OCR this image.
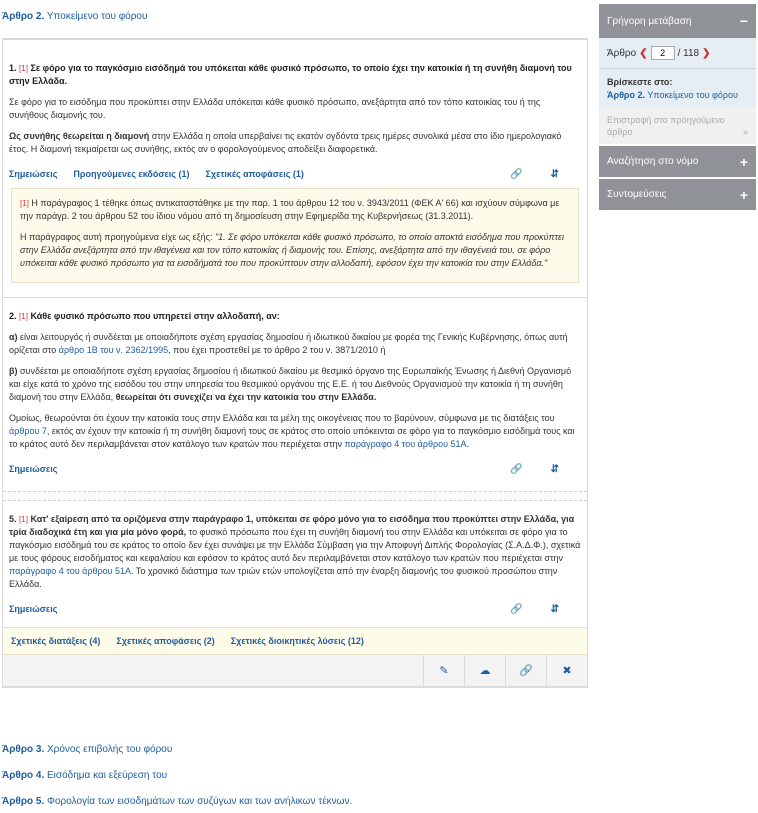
Άρθρο 2. Υποκείμενο του φόρου

1. [1] Σε φόρο για το παγκόσμιο εισόδημά του υπόκειται κάθε φυσικό πρόσωπο, το οποίο έχει την κατοικία ή τη συνήθη διαμονή του στην Ελλάδα.

Σε φόρο για το εισόδημα που προκύπτει στην Ελλάδα υπόκειται κάθε φυσικό πρόσωπο, ανεξάρτητα από τον τόπο κατοικίας του ή της συνήθους διαμονής του.

Ως συνήθης θεωρείται η διαμονή στην Ελλάδα η οποία υπερβαίνει τις εκατόν ογδόντα τρεις ημέρες συνολικά μέσα στο ίδιο ημερολογιακό έτος. Η διαμονή τεκμαίρεται ως συνήθης, εκτός αν ο φορολογούμενος αποδείξει διαφορετικά.

Σημειώσεις Προηγούμενες εκδόσεις (1) Σχετικές αποφάσεις (1)	🔗	⇵

[1] Η παράγραφος 1 τέθηκε όπως αντικαταστάθηκε με την παρ. 1 του άρθρου 12 του ν. 3943/2011 (ΦΕΚ Α' 66) και ισχύουν σύμφωνα με την παράγρ. 2 του άρθρου 52 του ίδιου νόμου από τη δημοσίευση στην Εφημερίδα της Κυβερνήσεως (31.3.2011).

Η παράγραφος αυτή προηγούμενα είχε ως εξής: "1. Σε φόρο υπόκειται κάθε φυσικό πρόσωπο, το οποίο αποκτά εισόδημα που προκύπτει στην Ελλάδα ανεξάρτητα από την ιθαγένεια και τον τόπο κατοικίας ή διαμονής του. Επίσης, ανεξάρτητα από την ιθαγένειά του, σε φόρο υπόκειται κάθε φυσικό πρόσωπο για τα εισοδήματά του που προκύπτουν στην αλλοδαπή, εφόσον έχει την κατοικία του στην Ελλάδα."

2. [1] Κάθε φυσικό πρόσωπο που υπηρετεί στην αλλοδαπή, αν:

α) είναι λειτουργός ή συνδέεται με οποιαδήποτε σχέση εργασίας δημοσίου ή ιδιωτικού δικαίου με φορέα της Γενικής Κυβέρνησης, όπως αυτή ορίζεται στο άρθρο 1Β του ν. 2362/1995, που έχει προστεθεί με το άρθρο 2 του ν. 3871/2010 ή

β) συνδέεται με οποιαδήποτε σχέση εργασίας δημοσίου ή ιδιωτικού δικαίου με θεσμικό όργανο της Ευρωπαϊκής Ένωσης ή Διεθνή Οργανισμό και είχε κατά το χρόνο της εισόδου του στην υπηρεσία του θεσμικού οργάνου της Ε.Ε. ή του Διεθνούς Οργανισμού την κατοικία ή τη συνήθη διαμονή του στην Ελλάδα, θεωρείται ότι συνεχίζει να έχει την κατοικία του στην Ελλάδα.

Ομοίως, θεωρούνται ότι έχουν την κατοικία τους στην Ελλάδα και τα μέλη της οικογένειας που το βαρύνουν, σύμφωνα με τις διατάξεις του άρθρου 7, εκτός αν έχουν την κατοικία ή τη συνήθη διαμονή τους σε κράτος στο οποίο υπόκεινται σε φόρο για το παγκόσμιο εισόδημά τους και το κράτος αυτό δεν περιλαμβάνεται στον κατάλογο των κρατών που περιέχεται στην παράγραφο 4 του άρθρου 51Α.

Σημειώσεις	🔗	⇵

5. [1] Κατ' εξαίρεση από τα οριζόμενα στην παράγραφο 1, υπόκειται σε φόρο μόνο για το εισόδημα που προκύπτει στην Ελλάδα, για τρία διαδοχικά έτη και για μία μόνο φορά, το φυσικό πρόσωπο που έχει τη συνήθη διαμονή του στην Ελλάδα και υπόκειται σε φόρο για το παγκόσμιο εισόδημά του σε κράτος το οποίο δεν έχει συνάψει με την Ελλάδα Σύμβαση για την Αποφυγή Διπλής Φορολογίας (Σ.Α.Δ.Φ.), σχετικά με τους φόρους εισοδήματος και κεφαλαίου και εφόσον το κράτος αυτό δεν περιλαμβάνεται στον κατάλογο των κρατών που περιέχεται στην παράγραφο 4 του άρθρου 51Α. Το χρονικό διάστημα των τριών ετών υπολογίζεται από την έναρξη διαμονής του φυσικού προσώπου στην Ελλάδα.

Σημειώσεις	🔗	⇵
Σχετικές διατάξεις (4) Σχετικές αποφάσεις (2) Σχετικές διοικητικές λύσεις (12)
✎	☁	🔗	✖
Άρθρο 3. Χρόνος επιβολής του φόρου
Άρθρο 4. Εισόδημα και εξεύρεση του
Άρθρο 5. Φορολογία των εισοδημάτων των συζύγων και των ανήλικων τέκνων.
Γρήγορη μετάβαση	−
Άρθρο ❮
2	/ 118 ❯
Βρίσκεστε στο:
Άρθρο 2. Υποκείμενο του φόρου
Επιστροφή στο προηγούμενο άρθρο	»
Αναζήτηση στο νόμο	+
Συντομεύσεις	+
